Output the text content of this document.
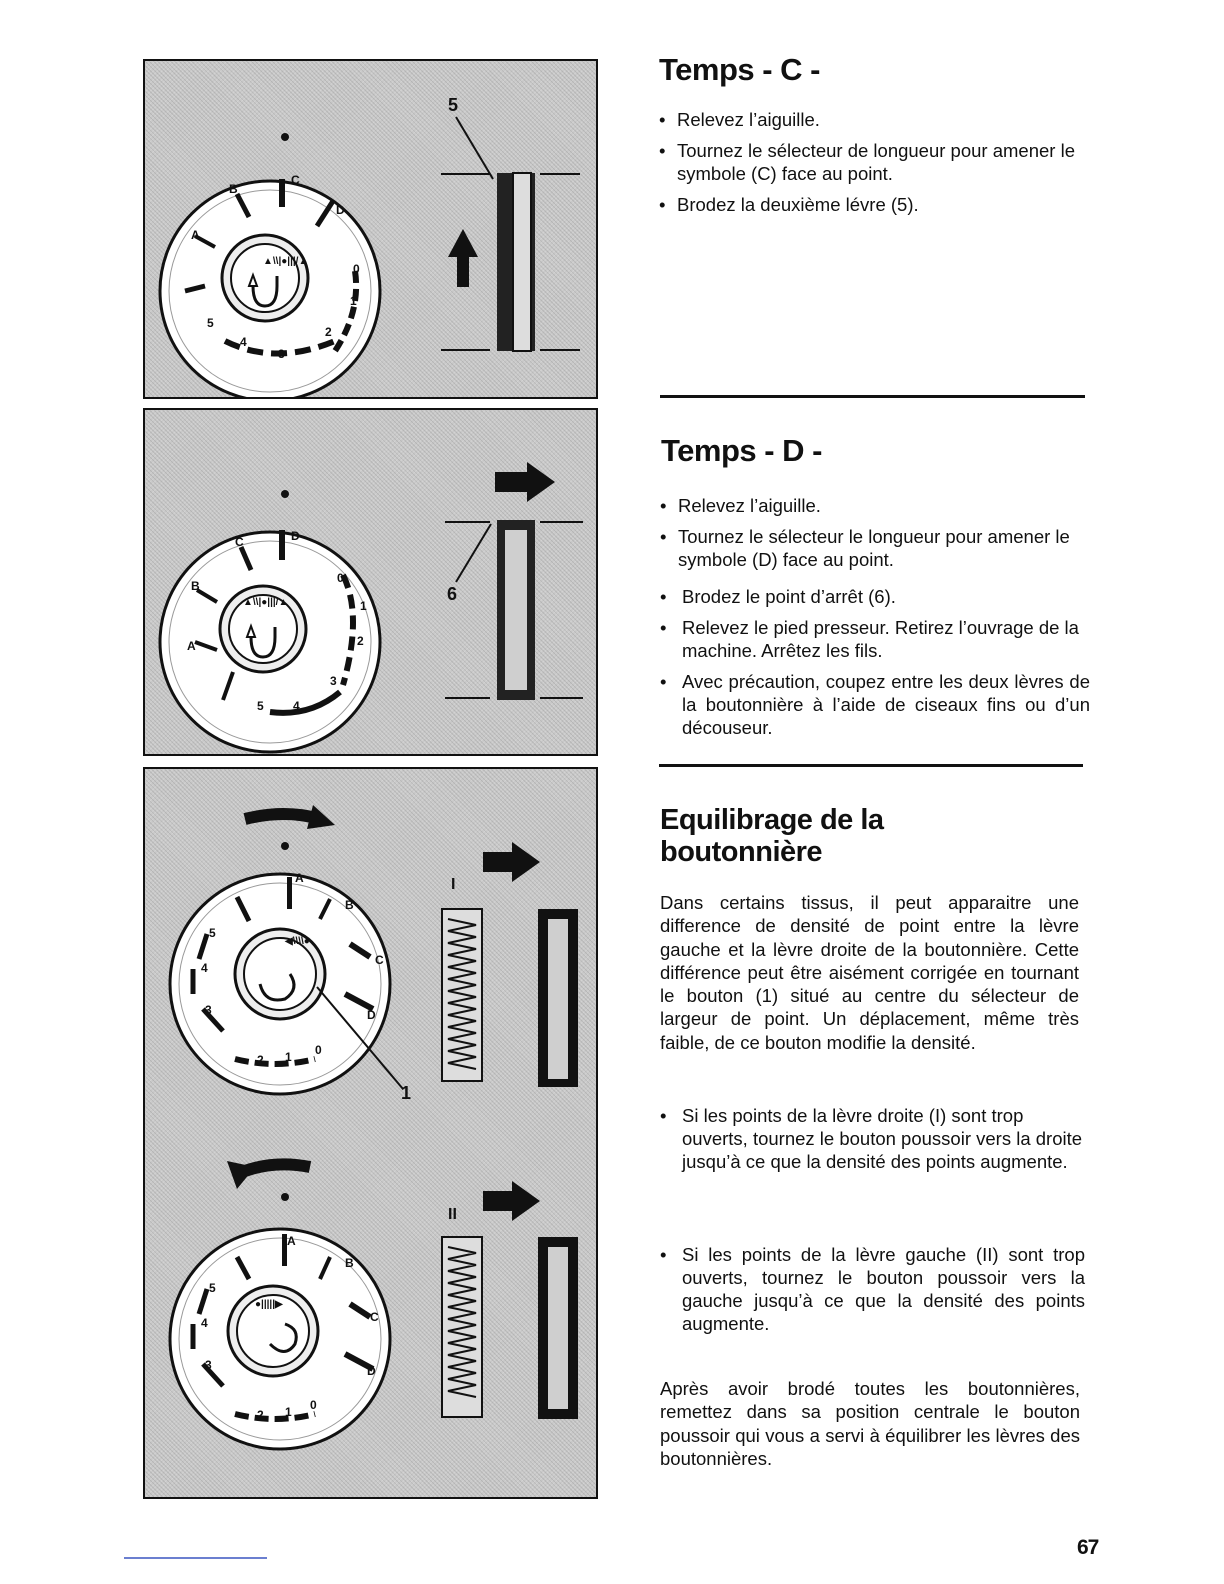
▲\\|●|||/▲
C
B
D
A
0
1
2
3
4
5
5
▲\\|●|||/▲
D
C
B
A
0
1
2
3
4
5
6
◀\\\\●
A
B
C
D
5
4
3
2 1 0
1
I
●|||||▶
A
B
C
D
5
4
3
2 1 0
II
Temps - C -
• Relevez l’aiguille.
• Tournez le sélecteur de longueur pour amener le symbole (C) face au point.
• Brodez la deuxième lévre (5).
Temps - D -
• Relevez l’aiguille.
• Tournez le sélecteur le longueur pour amener le symbole (D) face au point.
• Brodez le point d’arrêt (6).
• Relevez le pied presseur. Retirez l’ouvrage de la machine. Arrêtez les fils.
• Avec précaution, coupez entre les deux lèvres de la boutonnière à l’aide de ciseaux fins ou d’un découseur.
Equilibrage de la
boutonnière

Dans certains tissus, il peut apparaitre une difference de densité de point entre la lèvre gauche et la lèvre droite de la boutonnière. Cette différence peut être aisément corrigée en tournant le bouton (1) situé au centre du sélecteur de largeur de point. Un déplacement, même très faible, de ce bouton modifie la densité.

• Si les points de la lèvre droite (I) sont trop ouverts, tournez le bouton poussoir vers la droite jusqu’à ce que la densité des points augmente.
• Si les points de la lèvre gauche (II) sont trop ouverts, tournez le bouton poussoir vers la gauche jusqu’à ce que la densité des points augmente.

Après avoir brodé toutes les boutonnières, remettez dans sa position centrale le bouton poussoir qui vous a servi à équilibrer les lèvres des boutonnières.

67
